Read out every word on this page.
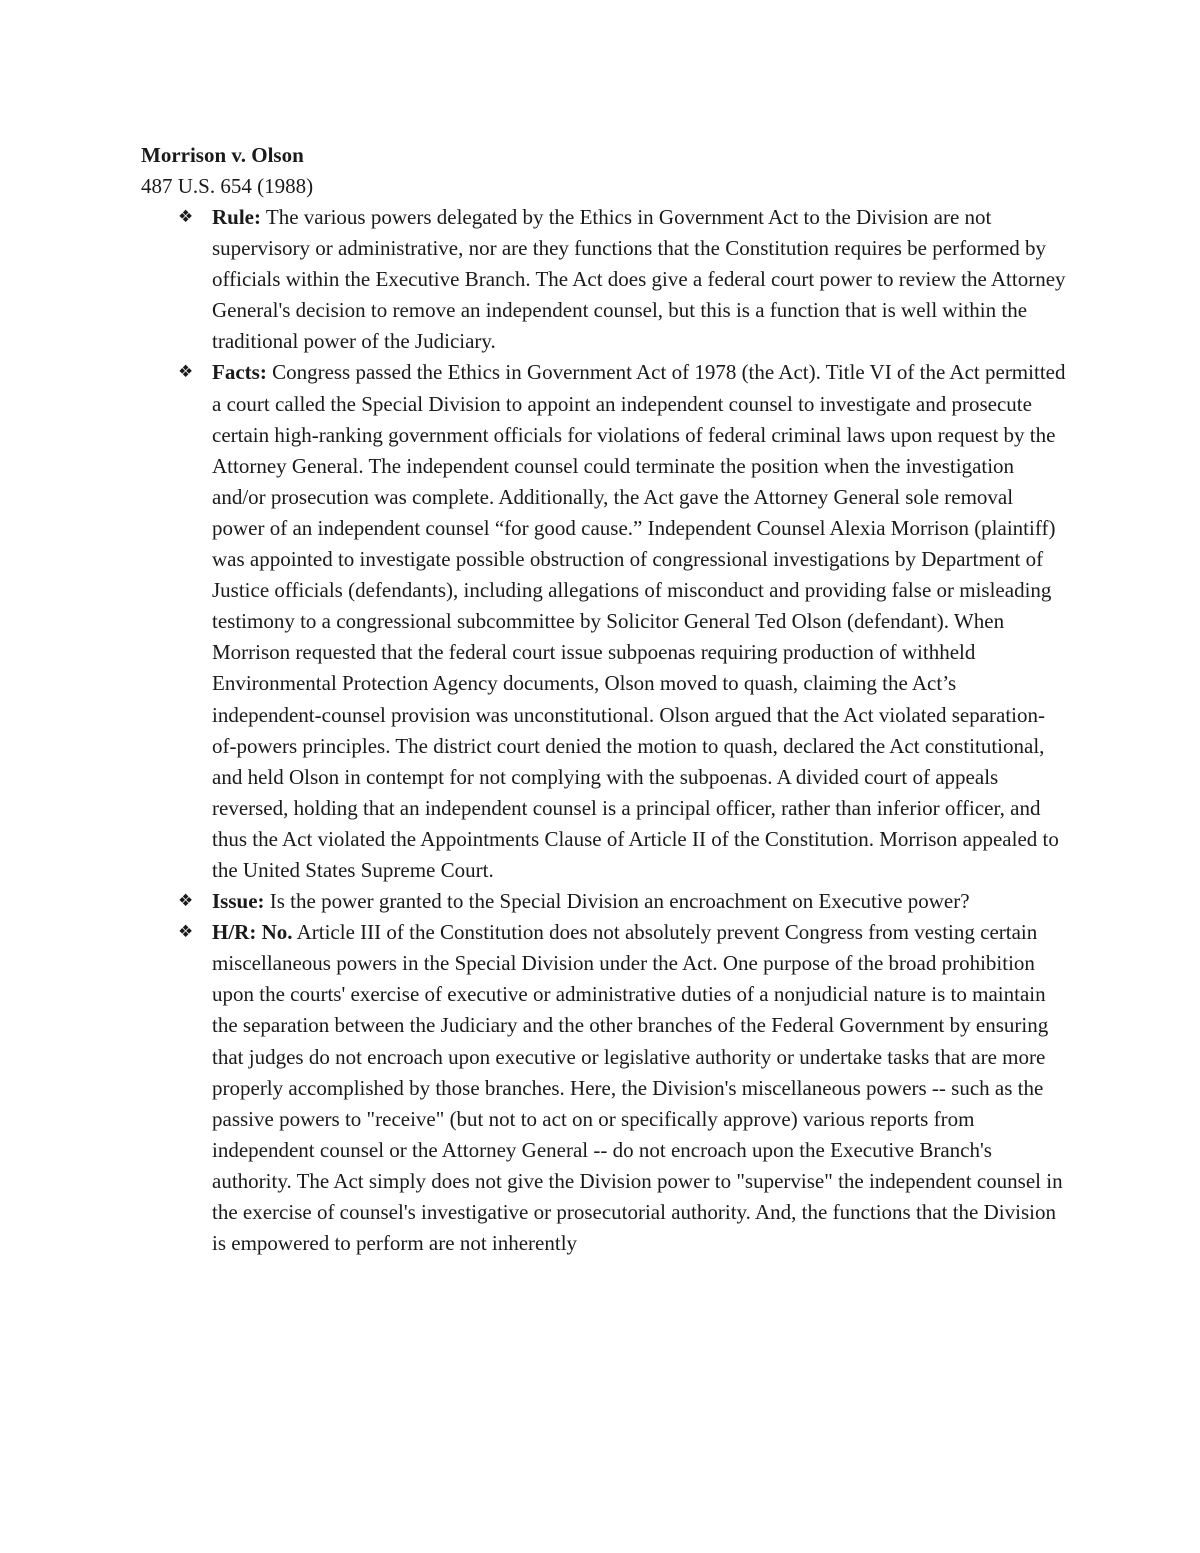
Morrison v. Olson

487 U.S. 654 (1988)

❖ Rule: The various powers delegated by the Ethics in Government Act to the Division are not supervisory or administrative, nor are they functions that the Constitution requires be performed by officials within the Executive Branch. The Act does give a federal court power to review the Attorney General's decision to remove an independent counsel, but this is a function that is well within the traditional power of the Judiciary.
❖ Facts: Congress passed the Ethics in Government Act of 1978 (the Act). Title VI of the Act permitted a court called the Special Division to appoint an independent counsel to investigate and prosecute certain high-ranking government officials for violations of federal criminal laws upon request by the Attorney General. The independent counsel could terminate the position when the investigation and/or prosecution was complete. Additionally, the Act gave the Attorney General sole removal power of an independent counsel “for good cause.” Independent Counsel Alexia Morrison (plaintiff) was appointed to investigate possible obstruction of congressional investigations by Department of Justice officials (defendants), including allegations of misconduct and providing false or misleading testimony to a congressional subcommittee by Solicitor General Ted Olson (defendant). When Morrison requested that the federal court issue subpoenas requiring production of withheld Environmental Protection Agency documents, Olson moved to quash, claiming the Act’s independent-counsel provision was unconstitutional. Olson argued that the Act violated separation-of-powers principles. The district court denied the motion to quash, declared the Act constitutional, and held Olson in contempt for not complying with the subpoenas. A divided court of appeals reversed, holding that an independent counsel is a principal officer, rather than inferior officer, and thus the Act violated the Appointments Clause of Article II of the Constitution. Morrison appealed to the United States Supreme Court.
❖ Issue: Is the power granted to the Special Division an encroachment on Executive power?
❖ H/R: No. Article III of the Constitution does not absolutely prevent Congress from vesting certain miscellaneous powers in the Special Division under the Act. One purpose of the broad prohibition upon the courts' exercise of executive or administrative duties of a nonjudicial nature is to maintain the separation between the Judiciary and the other branches of the Federal Government by ensuring that judges do not encroach upon executive or legislative authority or undertake tasks that are more properly accomplished by those branches. Here, the Division's miscellaneous powers -- such as the passive powers to "receive" (but not to act on or specifically approve) various reports from independent counsel or the Attorney General -- do not encroach upon the Executive Branch's authority. The Act simply does not give the Division power to "supervise" the independent counsel in the exercise of counsel's investigative or prosecutorial authority. And, the functions that the Division is empowered to perform are not inherently
